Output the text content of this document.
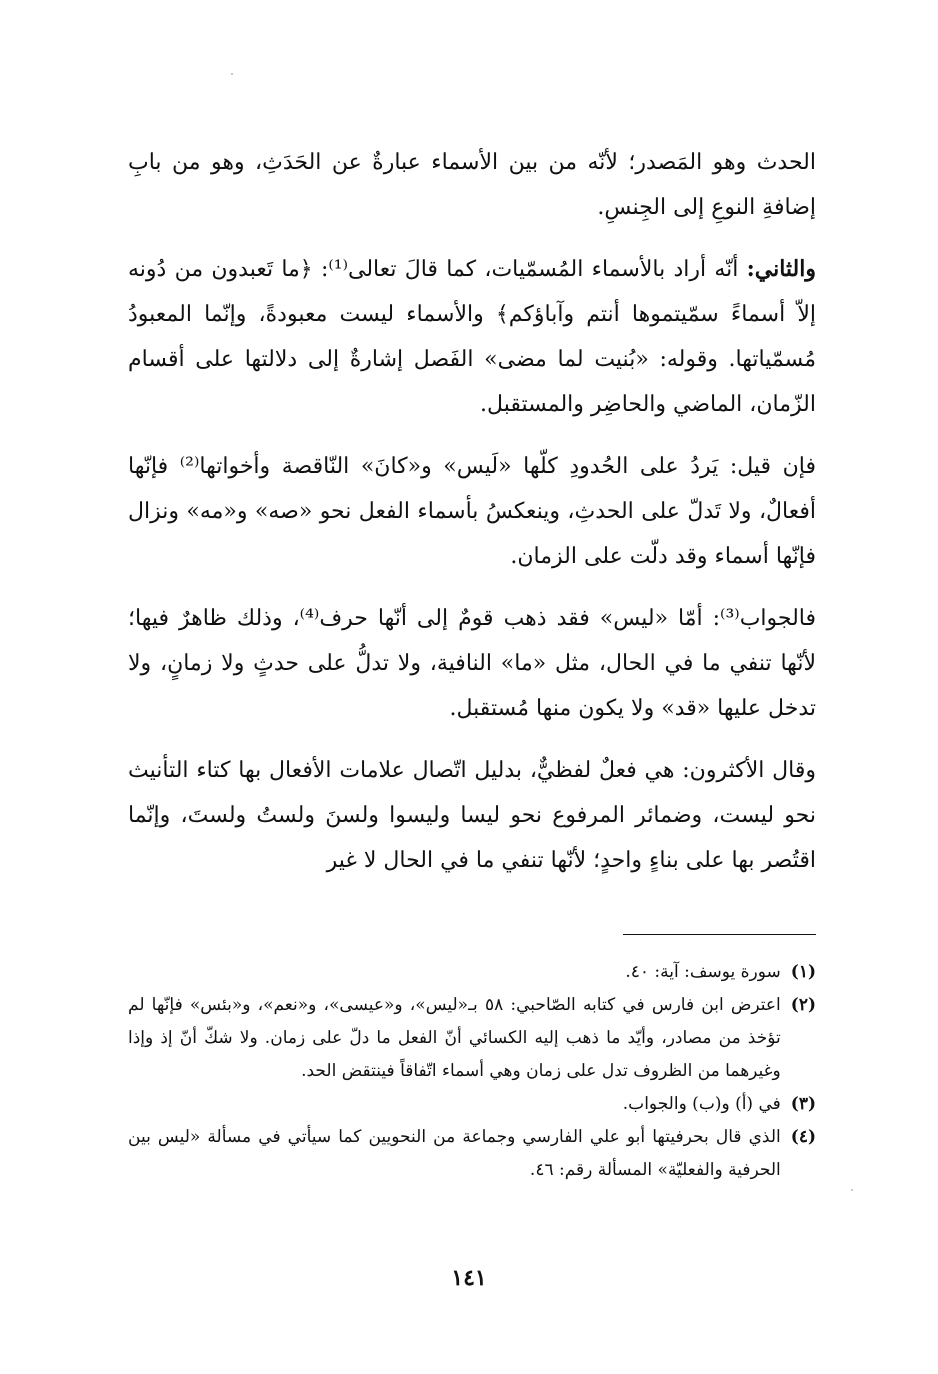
الحدث وهو المَصدر؛ لأنّه من بين الأسماء عبارةٌ عن الحَدَثِ، وهو من بابِ إضافةِ النوعِ إلى الجِنسِ.

والثاني: أنّه أراد بالأسماء المُسمّيات، كما قالَ تعالى⁽¹⁾: ﴿ما تَعبدون من دُونه إلاّ أسماءً سمّيتموها أنتم وآباؤكم﴾ والأسماء ليست معبودةً، وإنّما المعبودُ مُسمّياتها. وقوله: «بُنيت لما مضى» الفَصل إشارةٌ إلى دلالتها على أقسام الزّمان، الماضي والحاضِر والمستقبل.

فإن قيل: يَردُ على الحُدودِ كلّها «لَيس» و«كانَ» النّاقصة وأخواتها⁽²⁾ فإنّها أفعالٌ، ولا تَدلّ على الحدثِ، وينعكسُ بأسماء الفعل نحو «صه» و«مه» ونزال فإنّها أسماء وقد دلّت على الزمان.

فالجواب⁽³⁾: أمّا «ليس» فقد ذهب قومٌ إلى أنّها حرف⁽⁴⁾، وذلك ظاهرٌ فيها؛ لأنّها تنفي ما في الحال، مثل «ما» النافية، ولا تدلُّ على حدثٍ ولا زمانٍ، ولا تدخل عليها «قد» ولا يكون منها مُستقبل.

وقال الأكثرون: هي فعلٌ لفظيٌّ، بدليل اتّصال علامات الأفعال بها كتاء التأنيث نحو ليست، وضمائر المرفوع نحو ليسا وليسوا ولسنَ ولستُ ولستَ، وإنّما اقتُصر بها على بناءٍ واحدٍ؛ لأنّها تنفي ما في الحال لا غير

(١)
سورة يوسف: آية: ٤٠.
(٢)
اعترض ابن فارس في كتابه الصّاحبي: ٥٨ بـ«ليس»، و«عيسى»، و«نعم»، و«بئس» فإنّها لم تؤخذ من مصادر، وأيّد ما ذهب إليه الكسائي أنّ الفعل ما دلّ على زمان. ولا شكّ أنّ إذ وإذا وغيرهما من الظروف تدل على زمان وهي أسماء اتّفاقاً فينتقض الحد.
(٣)
في (أ) و(ب) والجواب.
(٤)
الذي قال بحرفيتها أبو علي الفارسي وجماعة من النحويين كما سيأتي في مسألة «ليس بين الحرفية والفعليّة» المسألة رقم: ٤٦.
١٤١
